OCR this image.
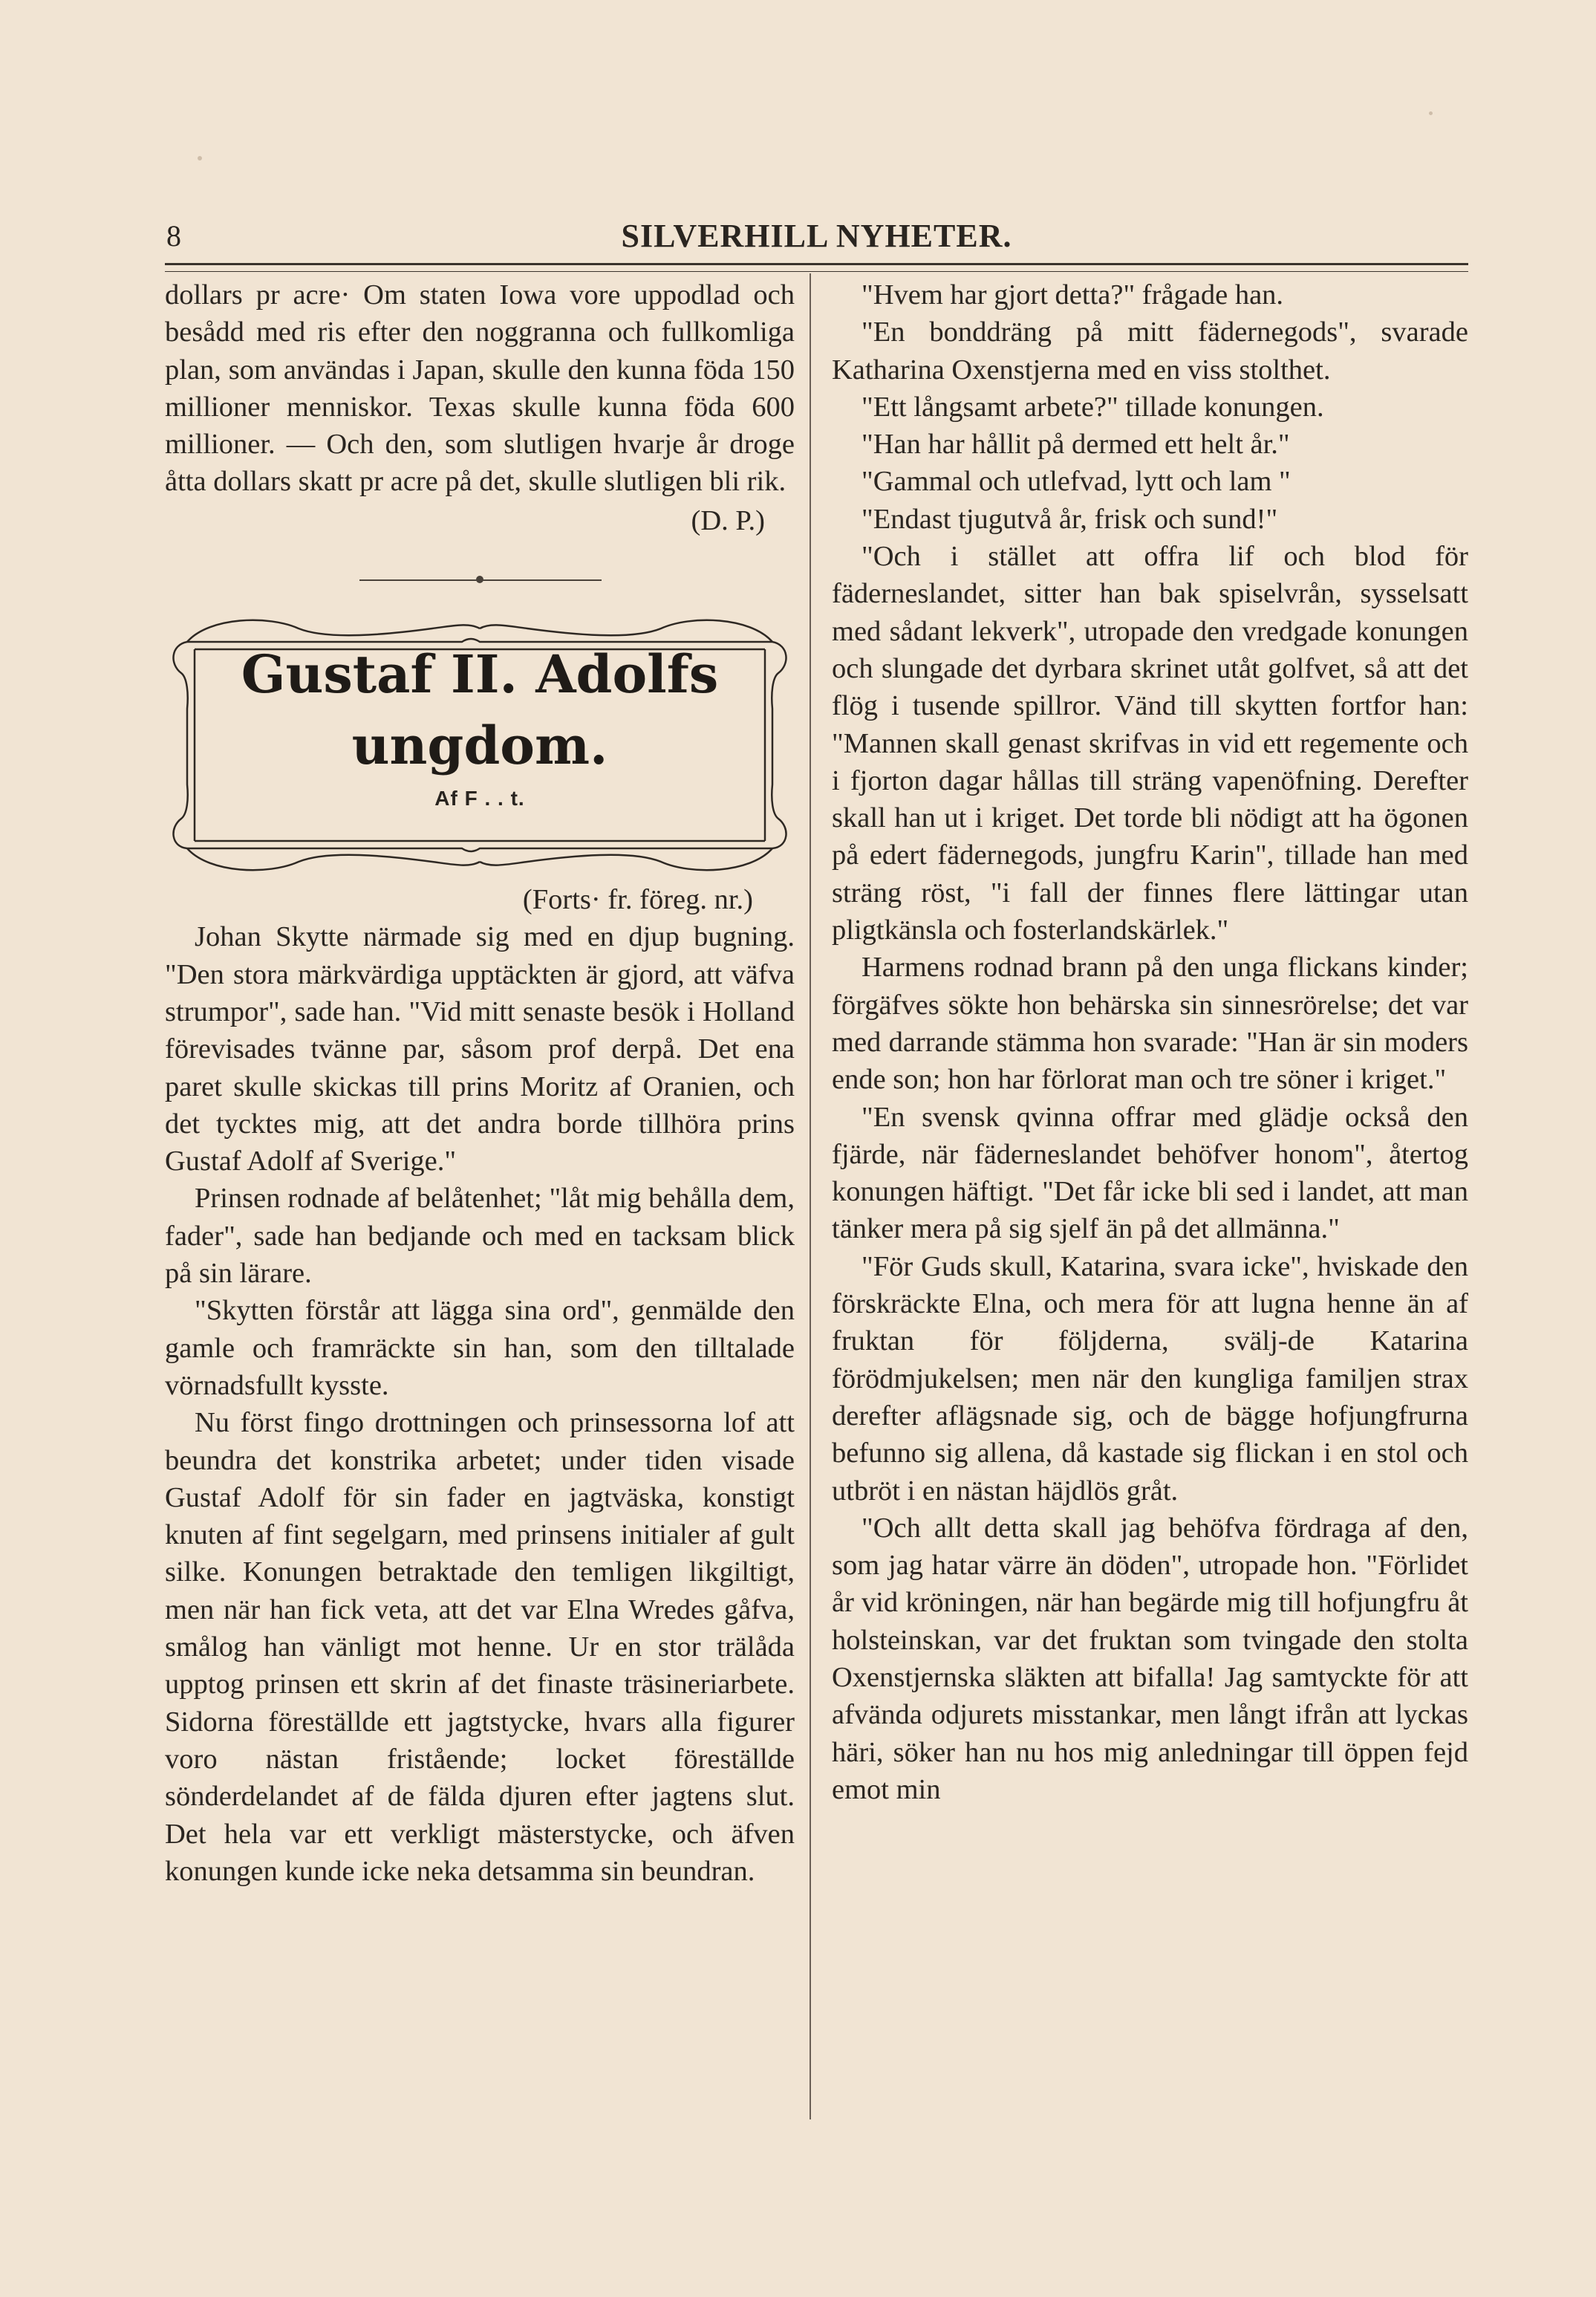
8	SILVERHILL NYHETER.

dollars pr acre· Om staten Iowa vore uppodlad och besådd med ris efter den noggranna och fullkomliga plan, som användas i Japan, skulle den kunna föda 150 millioner menniskor. Texas skulle kunna föda 600 millioner. — Och den, som slutligen hvarje år droge åtta dollars skatt pr acre på det, skulle slutligen bli rik.

(D. P.)

Gustaf II. Adolfs
ungdom.
Af F . . t.

(Forts· fr. föreg. nr.)

Johan Skytte närmade sig med en djup bugning. "Den stora märkvärdiga upptäckten är gjord, att väfva strumpor", sade han. "Vid mitt senaste besök i Holland förevisades tvänne par, såsom prof derpå. Det ena paret skulle skickas till prins Moritz af Oranien, och det tycktes mig, att det andra borde tillhöra prins Gustaf Adolf af Sverige."

Prinsen rodnade af belåtenhet; "låt mig behålla dem, fader", sade han bedjande och med en tacksam blick på sin lärare.

"Skytten förstår att lägga sina ord", genmälde den gamle och framräckte sin han, som den tilltalade vörnadsfullt kysste.

Nu först fingo drottningen och prinsessorna lof att beundra det konstrika arbetet; under tiden visade Gustaf Adolf för sin fader en jagtväska, konstigt knuten af fint segelgarn, med prinsens initialer af gult silke. Konungen betraktade den temligen likgiltigt, men när han fick veta, att det var Elna Wredes gåfva, smålog han vänligt mot henne. Ur en stor trälåda upptog prinsen ett skrin af det finaste träsineriarbete. Sidorna föreställde ett jagtstycke, hvars alla figurer voro nästan fristående; locket föreställde sönderdelandet af de fälda djuren efter jagtens slut. Det hela var ett verkligt mästerstycke, och äfven konungen kunde icke neka detsamma sin beundran.

"Hvem har gjort detta?" frågade han.

"En bonddräng på mitt fädernegods", svarade Katharina Oxenstjerna med en viss stolthet.

"Ett långsamt arbete?" tillade konungen.

"Han har hållit på dermed ett helt år."

"Gammal och utlefvad, lytt och lam "

"Endast tjugutvå år, frisk och sund!"

"Och i stället att offra lif och blod för fäderneslandet, sitter han bak spiselvrån, sysselsatt med sådant lekverk", utropade den vredgade konungen och slungade det dyrbara skrinet utåt golfvet, så att det flög i tusende spillror. Vänd till skytten fortfor han: "Mannen skall genast skrifvas in vid ett regemente och i fjorton dagar hållas till sträng vapenöfning. Derefter skall han ut i kriget. Det torde bli nödigt att ha ögonen på edert fädernegods, jungfru Karin", tillade han med sträng röst, "i fall der finnes flere lättingar utan pligtkänsla och fosterlandskärlek."

Harmens rodnad brann på den unga flickans kinder; förgäfves sökte hon behärska sin sinnesrörelse; det var med darrande stämma hon svarade: "Han är sin moders ende son; hon har förlorat man och tre söner i kriget."

"En svensk qvinna offrar med glädje också den fjärde, när fäderneslandet behöfver honom", återtog konungen häftigt. "Det får icke bli sed i landet, att man tänker mera på sig sjelf än på det allmänna."

"För Guds skull, Katarina, svara icke", hviskade den förskräckte Elna, och mera för att lugna henne än af fruktan för följderna, svälj-de Katarina förödmjukelsen; men när den kungliga familjen strax derefter aflägsnade sig, och de bägge hofjungfrurna befunno sig allena, då kastade sig flickan i en stol och utbröt i en nästan häjdlös gråt.

"Och allt detta skall jag behöfva fördraga af den, som jag hatar värre än döden", utropade hon. "Förlidet år vid kröningen, när han begärde mig till hofjungfru åt holsteinskan, var det fruktan som tvingade den stolta Oxenstjernska släkten att bifalla! Jag samtyckte för att afvända odjurets misstankar, men långt ifrån att lyckas häri, söker han nu hos mig anledningar till öppen fejd emot min
